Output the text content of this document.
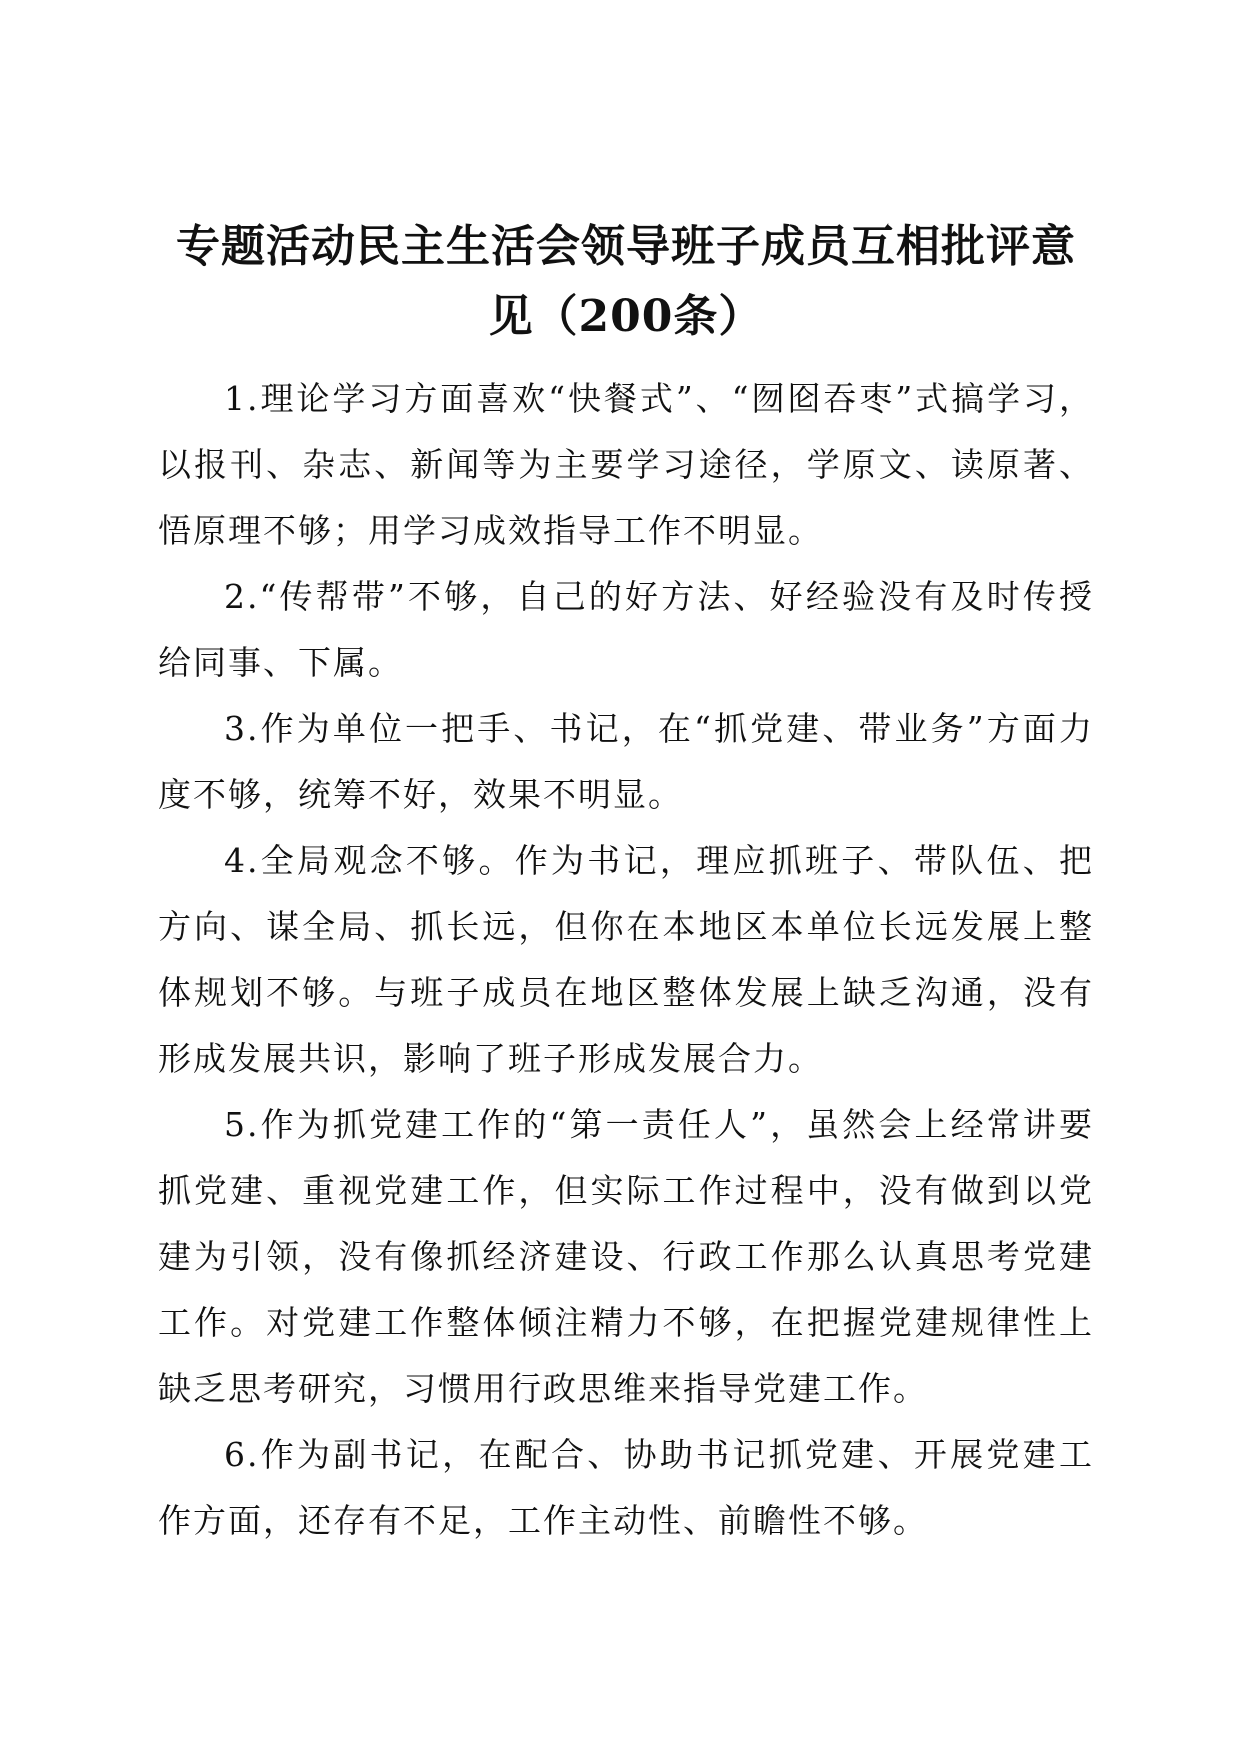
专题活动民主生活会领导班子成员互相批评意见（200条）

1.理论学习方面喜欢“快餐式”、“囫囵吞枣”式搞学习，以报刊、杂志、新闻等为主要学习途径，学原文、读原著、悟原理不够；用学习成效指导工作不明显。

2.“传帮带”不够，自己的好方法、好经验没有及时传授给同事、下属。

3.作为单位一把手、书记，在“抓党建、带业务”方面力度不够，统筹不好，效果不明显。

4.全局观念不够。作为书记，理应抓班子、带队伍、把方向、谋全局、抓长远，但你在本地区本单位长远发展上整体规划不够。与班子成员在地区整体发展上缺乏沟通，没有形成发展共识，影响了班子形成发展合力。

5.作为抓党建工作的“第一责任人”，虽然会上经常讲要抓党建、重视党建工作，但实际工作过程中，没有做到以党建为引领，没有像抓经济建设、行政工作那么认真思考党建工作。对党建工作整体倾注精力不够，在把握党建规律性上缺乏思考研究，习惯用行政思维来指导党建工作。

6.作为副书记，在配合、协助书记抓党建、开展党建工作方面，还存有不足，工作主动性、前瞻性不够。
